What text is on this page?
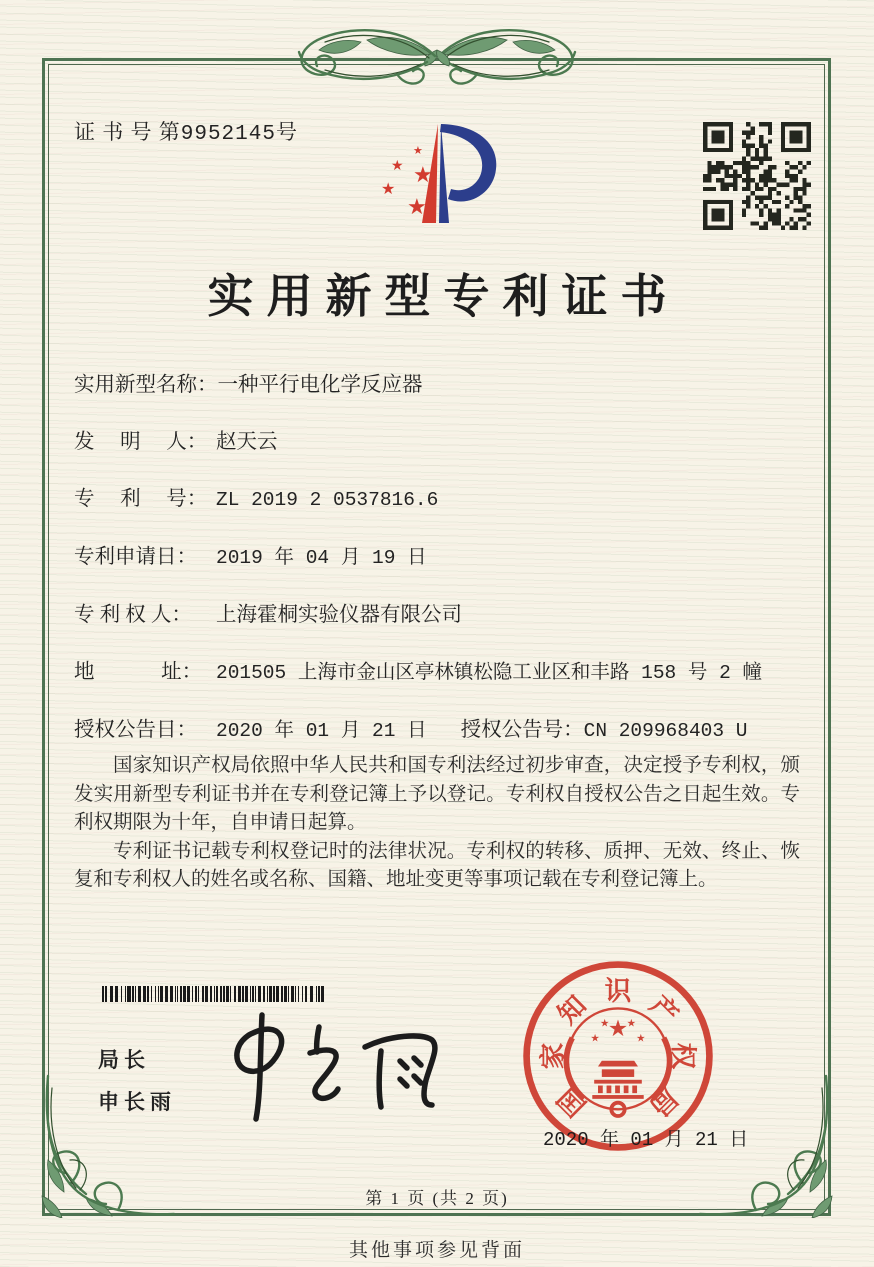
证 书 号 第9952145号
★
★ ★
★
★
实用新型专利证书
实用新型名称：一种平行电化学反应器
发　 明　 人： 赵天云
专　 利　 号： ZL 2019 2 0537816.6
专利申请日： 2019 年 04 月 19 日
专 利 权 人： 上海霍桐实验仪器有限公司
地　　　 址： 201505 上海市金山区亭林镇松隐工业区和丰路 158 号 2 幢
授权公告日： 2020 年 01 月 21 日 授权公告号：CN 209968403 U

国家知识产权局依照中华人民共和国专利法经过初步审查，决定授予专利权，颁发实用新型专利证书并在专利登记簿上予以登记。专利权自授权公告之日起生效。专利权期限为十年，自申请日起算。

专利证书记载专利权登记时的法律状况。专利权的转移、质押、无效、终止、恢复和专利权人的姓名或名称、国籍、地址变更等事项记载在专利登记簿上。

局长
申长雨	国
家
知 识 产
权
局
★
★
★ ★
★
2020 年 01 月 21 日
第 1 页 (共 2 页)
其他事项参见背面
